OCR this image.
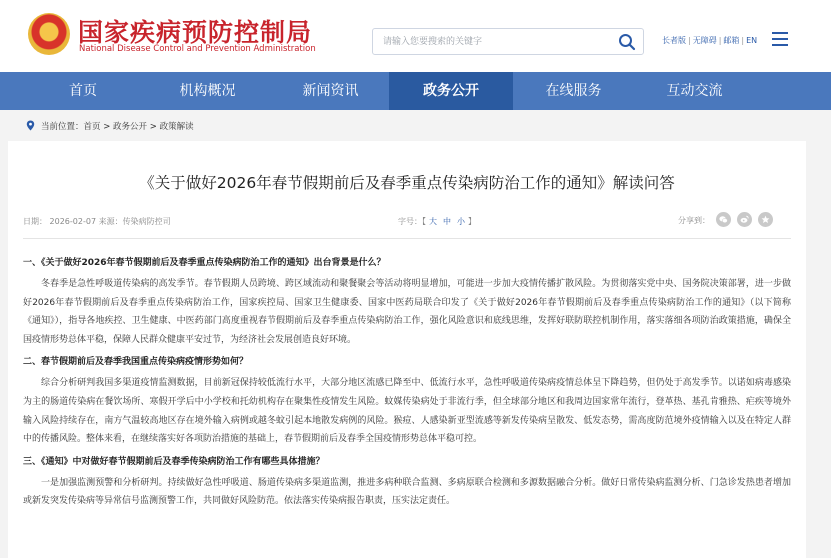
国家疾病预防控制局
National Disease Control and Prevention Administration
请输入您要搜索的关键字
长者版 | 无障碍 | 邮箱 | EN
首页	机构概况	新闻资讯	政务公开	在线服务	互动交流
当前位置：首页 > 政务公开 > 政策解读
《关于做好2026年春节假期前后及春季重点传染病防治工作的通知》解读问答
日期： 2026-02-07 来源：传染病防控司	字号：【 大 中 小 】	分享到：
一、《关于做好2026年春节假期前后及春季重点传染病防治工作的通知》出台背景是什么？
冬春季是急性呼吸道传染病的高发季节。春节假期人员跨境、跨区域流动和聚餐聚会等活动将明显增加，可能进一步加大疫情传播扩散风险。为贯彻落实党中央、国务院决策部署，进一步做好2026年春节假期前后及春季重点传染病防治工作，国家疾控局、国家卫生健康委、国家中医药局联合印发了《关于做好2026年春节假期前后及春季重点传染病防治工作的通知》（以下简称《通知》），指导各地疾控、卫生健康、中医药部门高度重视春节假期前后及春季重点传染病防治工作，强化风险意识和底线思维，发挥好联防联控机制作用，落实落细各项防治政策措施，确保全国疫情形势总体平稳，保障人民群众健康平安过节，为经济社会发展创造良好环境。
二、春节假期前后及春季我国重点传染病疫情形势如何？
综合分析研判我国多渠道疫情监测数据，目前新冠保持较低流行水平，大部分地区流感已降至中、低流行水平，急性呼吸道传染病疫情总体呈下降趋势，但仍处于高发季节。以诺如病毒感染为主的肠道传染病在餐饮场所、寒假开学后中小学校和托幼机构存在聚集性疫情发生风险。蚊媒传染病处于非流行季，但全球部分地区和我周边国家常年流行，登革热、基孔肯雅热、疟疾等境外输入风险持续存在，南方气温较高地区存在境外输入病例或越冬蚊引起本地散发病例的风险。猴痘、人感染新亚型流感等新发传染病呈散发、低发态势，需高度防范境外疫情输入以及在特定人群中的传播风险。整体来看，在继续落实好各项防治措施的基础上，春节假期前后及春季全国疫情形势总体平稳可控。
三、《通知》中对做好春节假期前后及春季传染病防治工作有哪些具体措施？
一是加强监测预警和分析研判。持续做好急性呼吸道、肠道传染病多渠道监测，推进多病种联合监测、多病原联合检测和多源数据融合分析。做好日常传染病监测分析、门急诊发热患者增加或新发突发传染病等异常信号监测预警工作，共同做好风险防范。依法落实传染病报告职责，压实法定责任。
